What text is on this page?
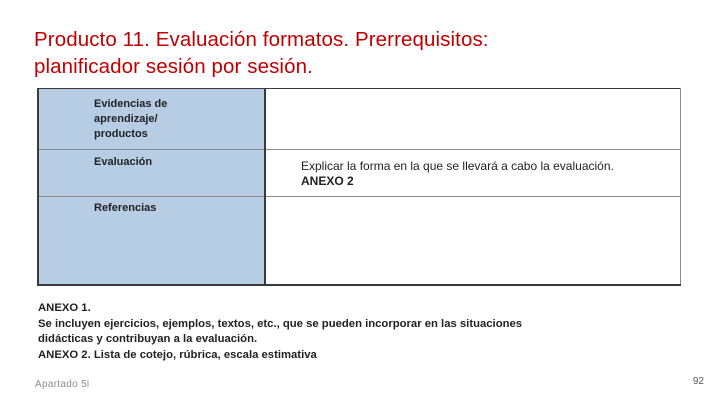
Producto 11. Evaluación formatos. Prerrequisitos:
planificador sesión por sesión.
Evidencias de
aprendizaje/
productos	

Evaluación	Explicar la forma en la que se llevará a cabo la evaluación.
ANEXO 2

Referencias	

ANEXO 1.
Se incluyen ejercicios, ejemplos, textos, etc., que se pueden incorporar en las situaciones
didácticas y contribuyan a la evaluación.
ANEXO 2. Lista de cotejo, rúbrica, escala estimativa
Apartado 5i	92
